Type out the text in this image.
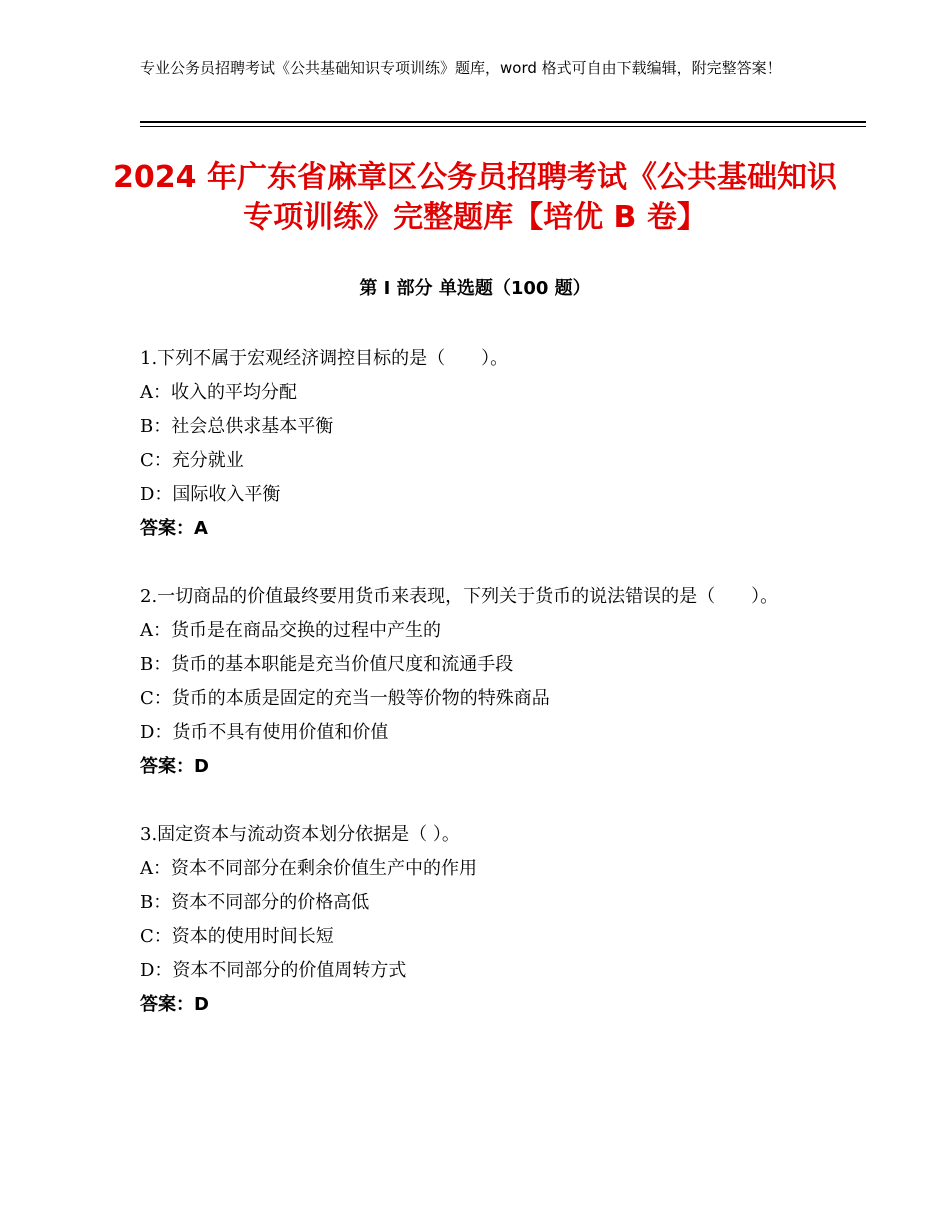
专业公务员招聘考试《公共基础知识专项训练》题库，word 格式可自由下载编辑，附完整答案！
2024 年广东省麻章区公务员招聘考试《公共基础知识专项训练》完整题库【培优 B 卷】
第 I 部分 单选题（100 题）
1.下列不属于宏观经济调控目标的是（　　）。
A：收入的平均分配
B：社会总供求基本平衡
C：充分就业
D：国际收入平衡
答案：A
2.一切商品的价值最终要用货币来表现，下列关于货币的说法错误的是（　　）。
A：货币是在商品交换的过程中产生的
B：货币的基本职能是充当价值尺度和流通手段
C：货币的本质是固定的充当一般等价物的特殊商品
D：货币不具有使用价值和价值
答案：D
3.固定资本与流动资本划分依据是（ ）。
A：资本不同部分在剩余价值生产中的作用
B：资本不同部分的价格高低
C：资本的使用时间长短
D：资本不同部分的价值周转方式
答案：D
